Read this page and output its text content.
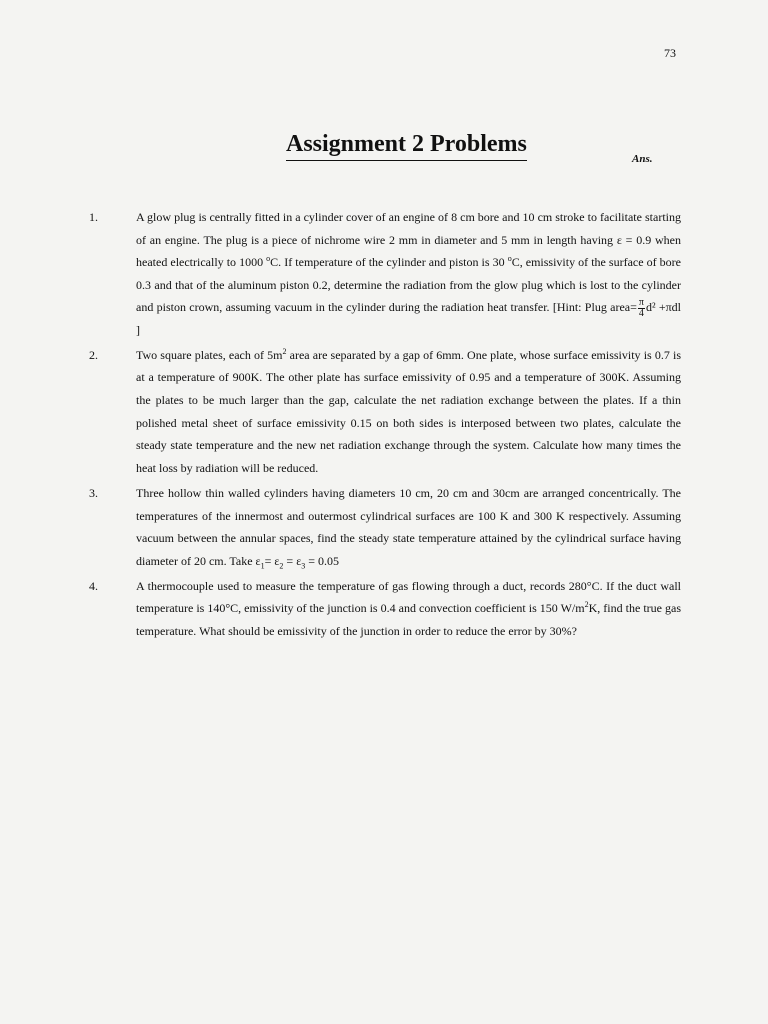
73
Assignment 2 Problems
Ans.
1.	A glow plug is centrally fitted in a cylinder cover of an engine of 8 cm bore and 10 cm stroke to facilitate starting of an engine. The plug is a piece of nichrome wire 2 mm in diameter and 5 mm in length having ε = 0.9 when heated electrically to 1000 $^o$C. If temperature of the cylinder and piston is 30 $^o$C, emissivity of the surface of bore 0.3 and that of the aluminum piston 0.2, determine the radiation from the glow plug which is lost to the cylinder and piston crown, assuming vacuum in the cylinder during the radiation heat transfer. [Hint: Plug area= $\frac{\pi}{4} d^2 +\pi dl$ ]
2.	Two square plates, each of $5m^2$ area are separated by a gap of 6mm. One plate, whose surface emissivity is 0.7 is at a temperature of 900K. The other plate has surface emissivity of 0.95 and a temperature of 300K. Assuming the plates to be much larger than the gap, calculate the net radiation exchange between the plates. If a thin polished metal sheet of surface emissivity 0.15 on both sides is interposed between two plates, calculate the steady state temperature and the new net radiation exchange through the system. Calculate how many times the heat loss by radiation will be reduced.
3.	Three hollow thin walled cylinders having diameters 10 cm, 20 cm and 30cm are arranged concentrically. The temperatures of the innermost and outermost cylindrical surfaces are 100 K and 300 K respectively. Assuming vacuum between the annular spaces, find the steady state temperature attained by the cylindrical surface having diameter of 20 cm. Take $\varepsilon_1= \varepsilon_2 = \varepsilon_3 = 0.05$
4.	A thermocouple used to measure the temperature of gas flowing through a duct, records 280°C. If the duct wall temperature is 140°C, emissivity of the junction is 0.4 and convection coefficient is 150 $W/m^2K$, find the true gas temperature. What should be emissivity of the junction in order to reduce the error by 30%?
